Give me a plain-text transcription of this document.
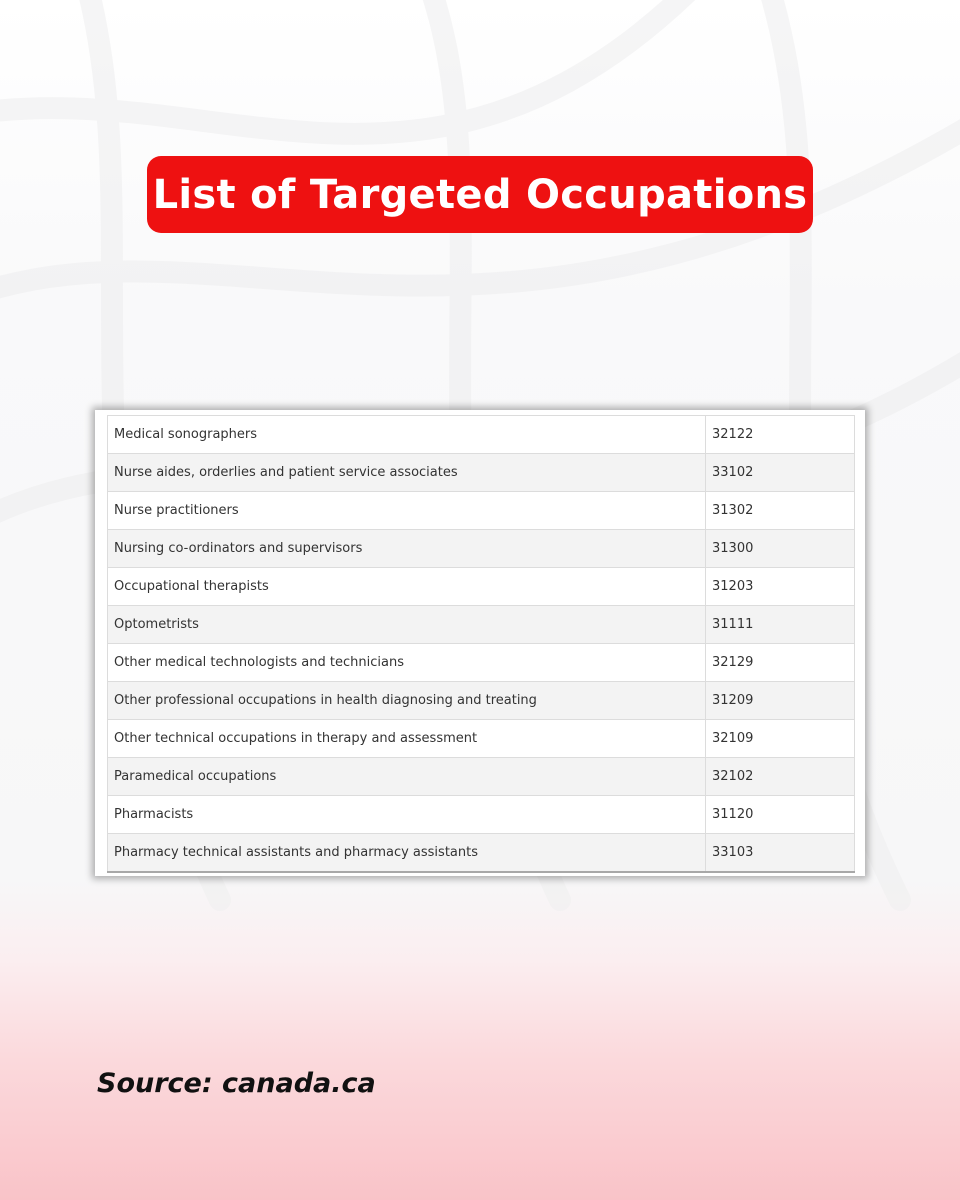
List of Targeted Occupations
Medical sonographers	32122
Nurse aides, orderlies and patient service associates	33102
Nurse practitioners	31302
Nursing co-ordinators and supervisors	31300
Occupational therapists	31203
Optometrists	31111
Other medical technologists and technicians	32129
Other professional occupations in health diagnosing and treating	31209
Other technical occupations in therapy and assessment	32109
Paramedical occupations	32102
Pharmacists	31120
Pharmacy technical assistants and pharmacy assistants	33103
Source: canada.ca
